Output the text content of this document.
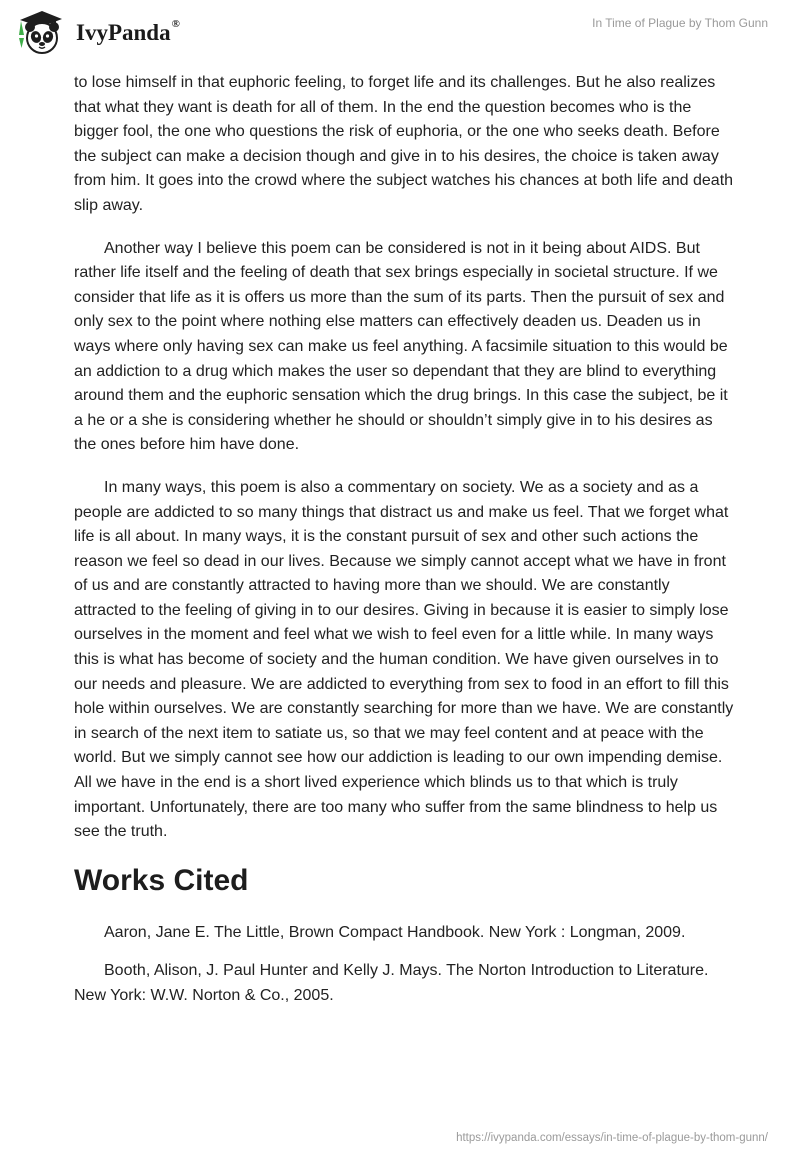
IvyPanda®	In Time of Plague by Thom Gunn

to lose himself in that euphoric feeling, to forget life and its challenges. But he also realizes that what they want is death for all of them. In the end the question becomes who is the bigger fool, the one who questions the risk of euphoria, or the one who seeks death. Before the subject can make a decision though and give in to his desires, the choice is taken away from him. It goes into the crowd where the subject watches his chances at both life and death slip away.

Another way I believe this poem can be considered is not in it being about AIDS. But rather life itself and the feeling of death that sex brings especially in societal structure. If we consider that life as it is offers us more than the sum of its parts. Then the pursuit of sex and only sex to the point where nothing else matters can effectively deaden us. Deaden us in ways where only having sex can make us feel anything. A facsimile situation to this would be an addiction to a drug which makes the user so dependant that they are blind to everything around them and the euphoric sensation which the drug brings. In this case the subject, be it a he or a she is considering whether he should or shouldn’t simply give in to his desires as the ones before him have done.

In many ways, this poem is also a commentary on society. We as a society and as a people are addicted to so many things that distract us and make us feel. That we forget what life is all about. In many ways, it is the constant pursuit of sex and other such actions the reason we feel so dead in our lives. Because we simply cannot accept what we have in front of us and are constantly attracted to having more than we should. We are constantly attracted to the feeling of giving in to our desires. Giving in because it is easier to simply lose ourselves in the moment and feel what we wish to feel even for a little while. In many ways this is what has become of society and the human condition. We have given ourselves in to our needs and pleasure. We are addicted to everything from sex to food in an effort to fill this hole within ourselves. We are constantly searching for more than we have. We are constantly in search of the next item to satiate us, so that we may feel content and at peace with the world. But we simply cannot see how our addiction is leading to our own impending demise. All we have in the end is a short lived experience which blinds us to that which is truly important. Unfortunately, there are too many who suffer from the same blindness to help us see the truth.

Works Cited

Aaron, Jane E. The Little, Brown Compact Handbook. New York : Longman, 2009.

Booth, Alison, J. Paul Hunter and Kelly J. Mays. The Norton Introduction to Literature. New York: W.W. Norton & Co., 2005.

https://ivypanda.com/essays/in-time-of-plague-by-thom-gunn/
